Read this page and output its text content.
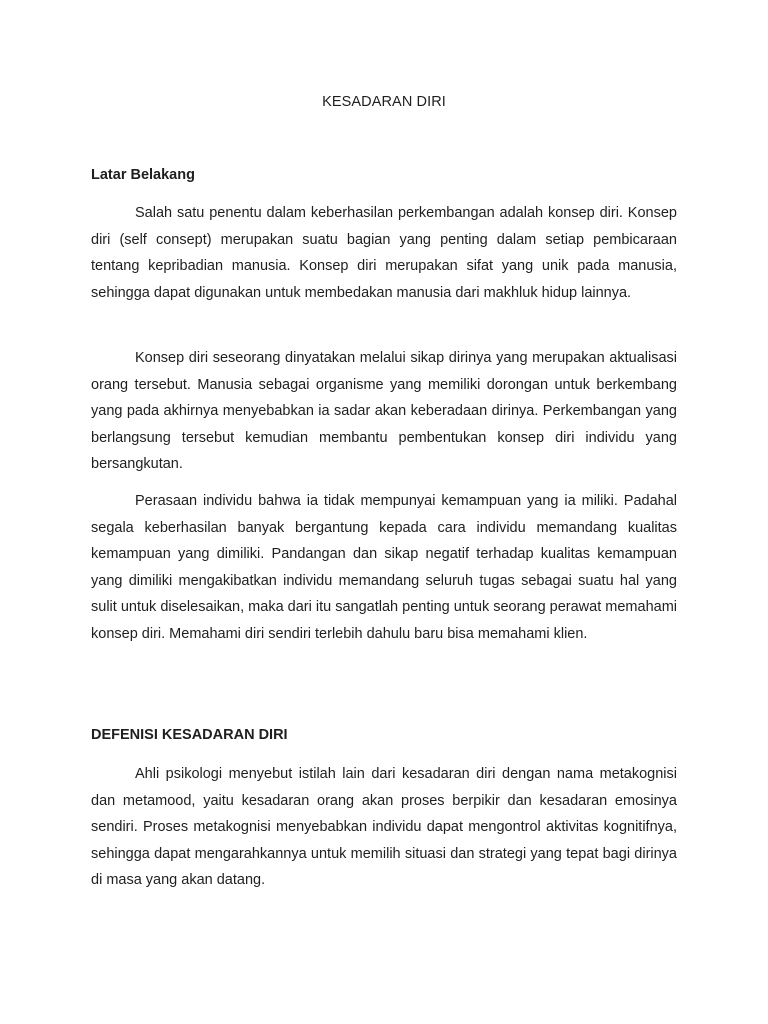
KESADARAN DIRI
Latar Belakang

Salah satu penentu dalam keberhasilan perkembangan adalah konsep diri. Konsep diri (self consept) merupakan suatu bagian yang penting dalam setiap pembicaraan tentang kepribadian manusia. Konsep diri merupakan sifat yang unik pada manusia, sehingga dapat digunakan untuk membedakan manusia dari makhluk hidup lainnya.

Konsep diri seseorang dinyatakan melalui sikap dirinya yang merupakan aktualisasi orang tersebut. Manusia sebagai organisme yang memiliki dorongan untuk berkembang yang pada akhirnya menyebabkan ia sadar akan keberadaan dirinya. Perkembangan yang berlangsung tersebut kemudian membantu pembentukan konsep diri individu yang bersangkutan.

Perasaan individu bahwa ia tidak mempunyai kemampuan yang ia miliki. Padahal segala keberhasilan banyak bergantung kepada cara individu memandang kualitas kemampuan yang dimiliki. Pandangan dan sikap negatif terhadap kualitas kemampuan yang dimiliki mengakibatkan individu memandang seluruh tugas sebagai suatu hal yang sulit untuk diselesaikan, maka dari itu sangatlah penting untuk seorang perawat memahami konsep diri. Memahami diri sendiri terlebih dahulu baru bisa memahami klien.

DEFENISI KESADARAN DIRI

Ahli psikologi menyebut istilah lain dari kesadaran diri dengan nama metakognisi dan metamood, yaitu kesadaran orang akan proses berpikir dan kesadaran emosinya sendiri. Proses metakognisi menyebabkan individu dapat mengontrol aktivitas kognitifnya, sehingga dapat mengarahkannya untuk memilih situasi dan strategi yang tepat bagi dirinya di masa yang akan datang.
